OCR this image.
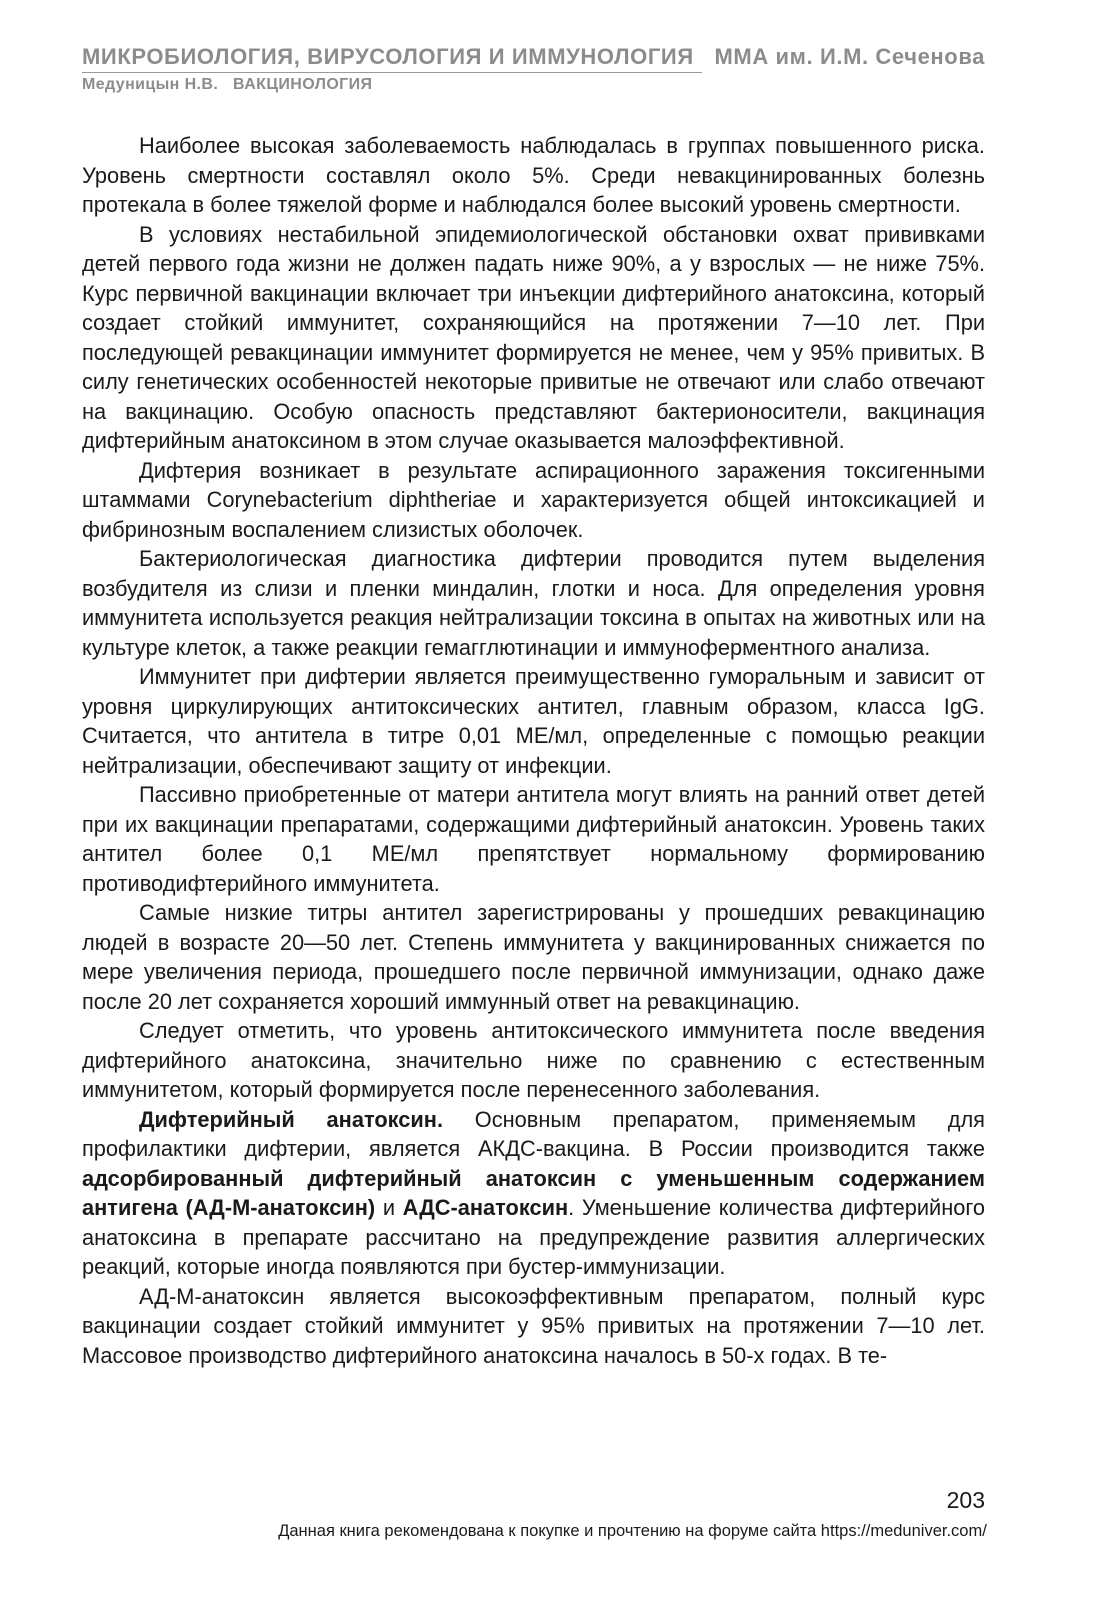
МИКРОБИОЛОГИЯ, ВИРУСОЛОГИЯ И ИММУНОЛОГИЯ ММА им. И.М. Сеченова
Медуницын Н.В. ВАКЦИНОЛОГИЯ

Наиболее высокая заболеваемость наблюдалась в группах повышенного риска. Уровень смертности составлял около 5%. Среди невакцинированных болезнь протекала в более тяжелой форме и наблюдался более высокий уровень смертности.

В условиях нестабильной эпидемиологической обстановки охват прививками детей первого года жизни не должен падать ниже 90%, а у взрослых — не ниже 75%. Курс первичной вакцинации включает три инъекции дифтерийного анатоксина, который создает стойкий иммунитет, сохраняющийся на протяжении 7—10 лет. При последующей ревакцинации иммунитет формируется не менее, чем у 95% привитых. В силу генетических особенностей некоторые привитые не отвечают или слабо отвечают на вакцинацию. Особую опасность представляют бактерионосители, вакцинация дифтерийным анатоксином в этом случае оказывается малоэффективной.

Дифтерия возникает в результате аспирационного заражения токсигенными штаммами Corynebacterium diphtheriae и характеризуется общей интоксикацией и фибринозным воспалением слизистых оболочек.

Бактериологическая диагностика дифтерии проводится путем выделения возбудителя из слизи и пленки миндалин, глотки и носа. Для определения уровня иммунитета используется реакция нейтрализации токсина в опытах на животных или на культуре клеток, а также реакции гемагглютинации и иммуноферментного анализа.

Иммунитет при дифтерии является преимущественно гуморальным и зависит от уровня циркулирующих антитоксических антител, главным образом, класса IgG. Считается, что антитела в титре 0,01 МЕ/мл, определенные с помощью реакции нейтрализации, обеспечивают защиту от инфекции.

Пассивно приобретенные от матери антитела могут влиять на ранний ответ детей при их вакцинации препаратами, содержащими дифтерийный анатоксин. Уровень таких антител более 0,1 МЕ/мл препятствует нормальному формированию противодифтерийного иммунитета.

Самые низкие титры антител зарегистрированы у прошедших ревакцинацию людей в возрасте 20—50 лет. Степень иммунитета у вакцинированных снижается по мере увеличения периода, прошедшего после первичной иммунизации, однако даже после 20 лет сохраняется хороший иммунный ответ на ревакцинацию.

Следует отметить, что уровень антитоксического иммунитета после введения дифтерийного анатоксина, значительно ниже по сравнению с естественным иммунитетом, который формируется после перенесенного заболевания.

Дифтерийный анатоксин. Основным препаратом, применяемым для профилактики дифтерии, является АКДС-вакцина. В России производится также адсорбированный дифтерийный анатоксин с уменьшенным содержанием антигена (АД-М-анатоксин) и АДС-анатоксин. Уменьшение количества дифтерийного анатоксина в препарате рассчитано на предупреждение развития аллергических реакций, которые иногда появляются при бустер-иммунизации.

АД-М-анатоксин является высокоэффективным препаратом, полный курс вакцинации создает стойкий иммунитет у 95% привитых на протяжении 7—10 лет. Массовое производство дифтерийного анатоксина началось в 50-х годах. В те-

203
Данная книга рекомендована к покупке и прочтению на форуме сайта https://meduniver.com/
